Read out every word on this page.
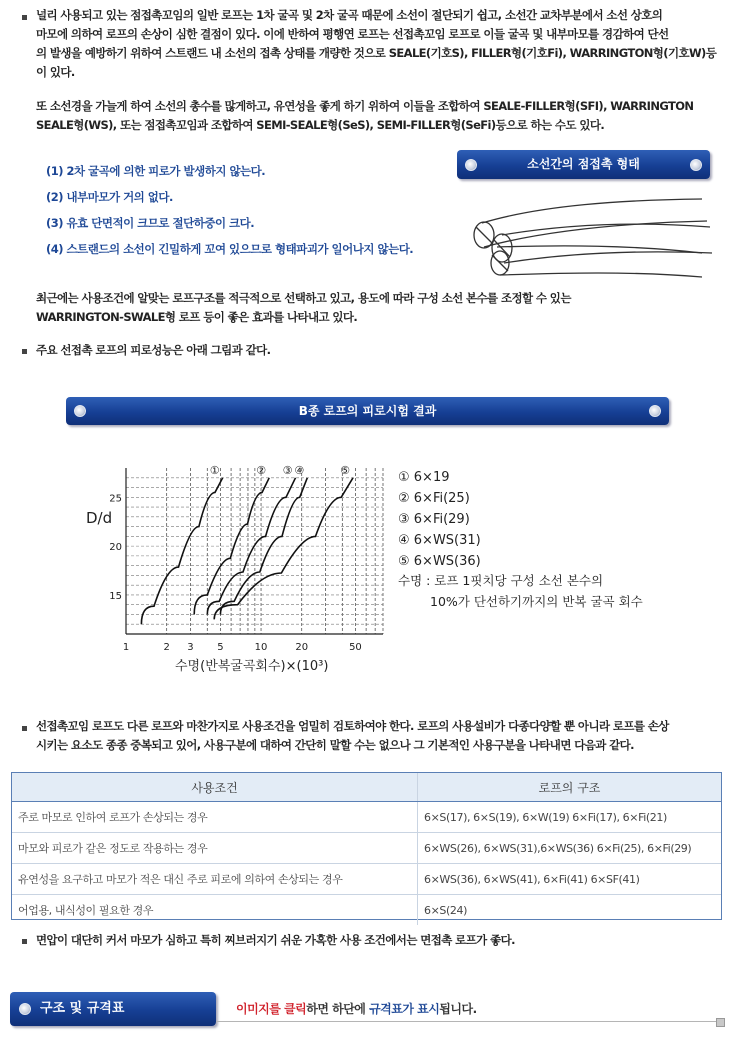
널리 사용되고 있는 점접촉꼬임의 일반 로프는 1차 굴곡 및 2차 굴곡 때문에 소선이 절단되기 쉽고, 소선간 교차부분에서 소선 상호의
마모에 의하여 로프의 손상이 심한 결점이 있다. 이에 반하여 평행연 로프는 선접촉꼬임 로프로 이들 굴곡 및 내부마모를 경감하여 단선
의 발생을 예방하기 위하여 스트랜드 내 소선의 접촉 상태를 개량한 것으로 SEALE(기호S), FILLER형(기호Fi), WARRINGTON형(기호W)등
이 있다.
또 소선경을 가늘게 하여 소선의 총수를 많게하고, 유연성을 좋게 하기 위하여 이들을 조합하여 SEALE-FILLER형(SFI), WARRINGTON
SEALE형(WS), 또는 점접촉꼬임과 조합하여 SEMI-SEALE형(SeS), SEMI-FILLER형(SeFi)등으로 하는 수도 있다.
(1) 2차 굴곡에 의한 피로가 발생하지 않는다.
(2) 내부마모가 거의 없다.
(3) 유효 단면적이 크므로 절단하중이 크다.
(4) 스트랜드의 소선이 긴밀하게 꼬여 있으므로 형태파괴가 일어나지 않는다.
소선간의 점접촉 형태
최근에는 사용조건에 알맞는 로프구조를 적극적으로 선택하고 있고, 용도에 따라 구성 소선 본수를 조정할 수 있는
WARRINGTON-SWALE형 로프 등이 좋은 효과를 나타내고 있다.
주요 선접촉 로프의 피로성능은 아래 그림과 같다.
B종 로프의 피로시험 결과
①	② ③ ④	⑤
1	2 3 5	10	20	50
15
20
25
D/d
수명(반복굴곡회수)×(10³)
① 6×19
② 6×Fi(25)
③ 6×Fi(29)
④ 6×WS(31)
⑤ 6×WS(36)
수명 : 로프 1핏치당 구성 소선 본수의
10%가 단선하기까지의 반복 굴곡 회수
선접촉꼬임 로프도 다른 로프와 마찬가지로 사용조건을 엄밀히 검토하여야 한다. 로프의 사용설비가 다종다양할 뿐 아니라 로프를 손상
시키는 요소도 종종 중복되고 있어, 사용구분에 대하여 간단히 말할 수는 없으나 그 기본적인 사용구분을 나타내면 다음과 같다.
사용조건	로프의 구조
주로 마모로 인하여 로프가 손상되는 경우	6×S(17), 6×S(19), 6×W(19) 6×Fi(17), 6×Fi(21)
마모와 피로가 같은 정도로 작용하는 경우	6×WS(26), 6×WS(31),6×WS(36) 6×Fi(25), 6×Fi(29)
유연성을 요구하고 마모가 적은 대신 주로 피로에 의하여 손상되는 경우	6×WS(36), 6×WS(41), 6×Fi(41) 6×SF(41)
어업용, 내식성이 필요한 경우	6×S(24)
면압이 대단히 커서 마모가 심하고 특히 찌브러지기 쉬운 가혹한 사용 조건에서는 면접촉 로프가 좋다.
구조 및 규격표	이미지를 클릭하면 하단에 규격표가 표시됩니다.
